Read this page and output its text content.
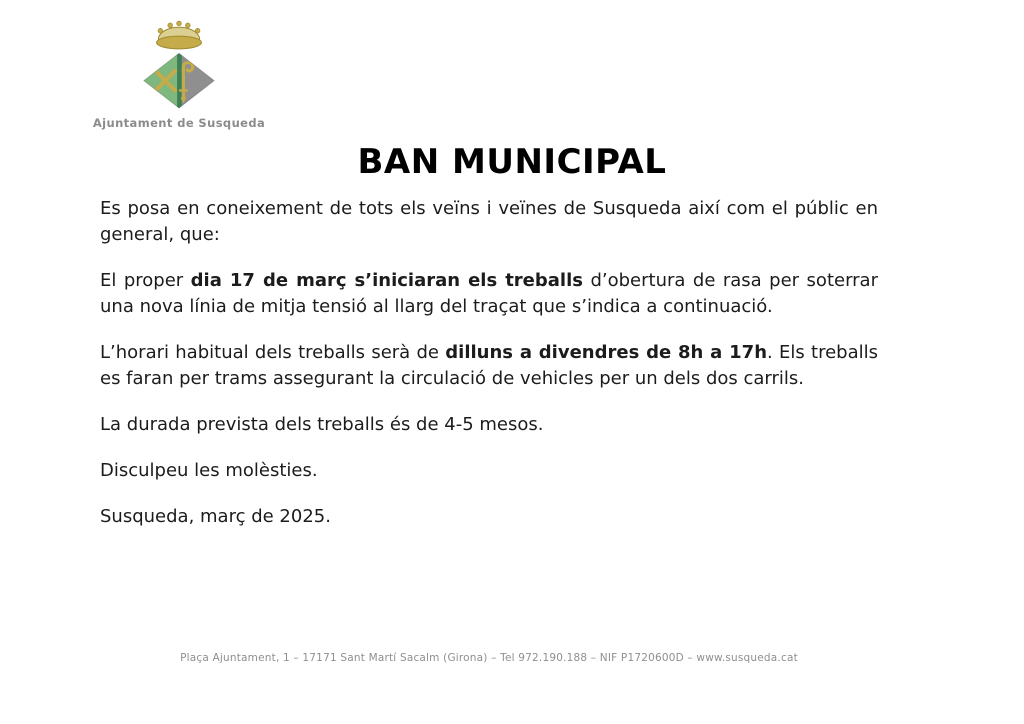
Ajuntament de Susqueda
BAN MUNICIPAL

Es posa en coneixement de tots els veïns i veïnes de Susqueda així com el públic en general, que:

El proper dia 17 de març s’iniciaran els treballs d’obertura de rasa per soterrar una nova línia de mitja tensió al llarg del traçat que s’indica a continuació.

L’horari habitual dels treballs serà de dilluns a divendres de 8h a 17h. Els treballs es faran per trams assegurant la circulació de vehicles per un dels dos carrils.

La durada prevista dels treballs és de 4-5 mesos.

Disculpeu les molèsties.

Susqueda, març de 2025.

Plaça Ajuntament, 1 – 17171 Sant Martí Sacalm (Girona) – Tel 972.190.188 – NIF P1720600D – www.susqueda.cat
